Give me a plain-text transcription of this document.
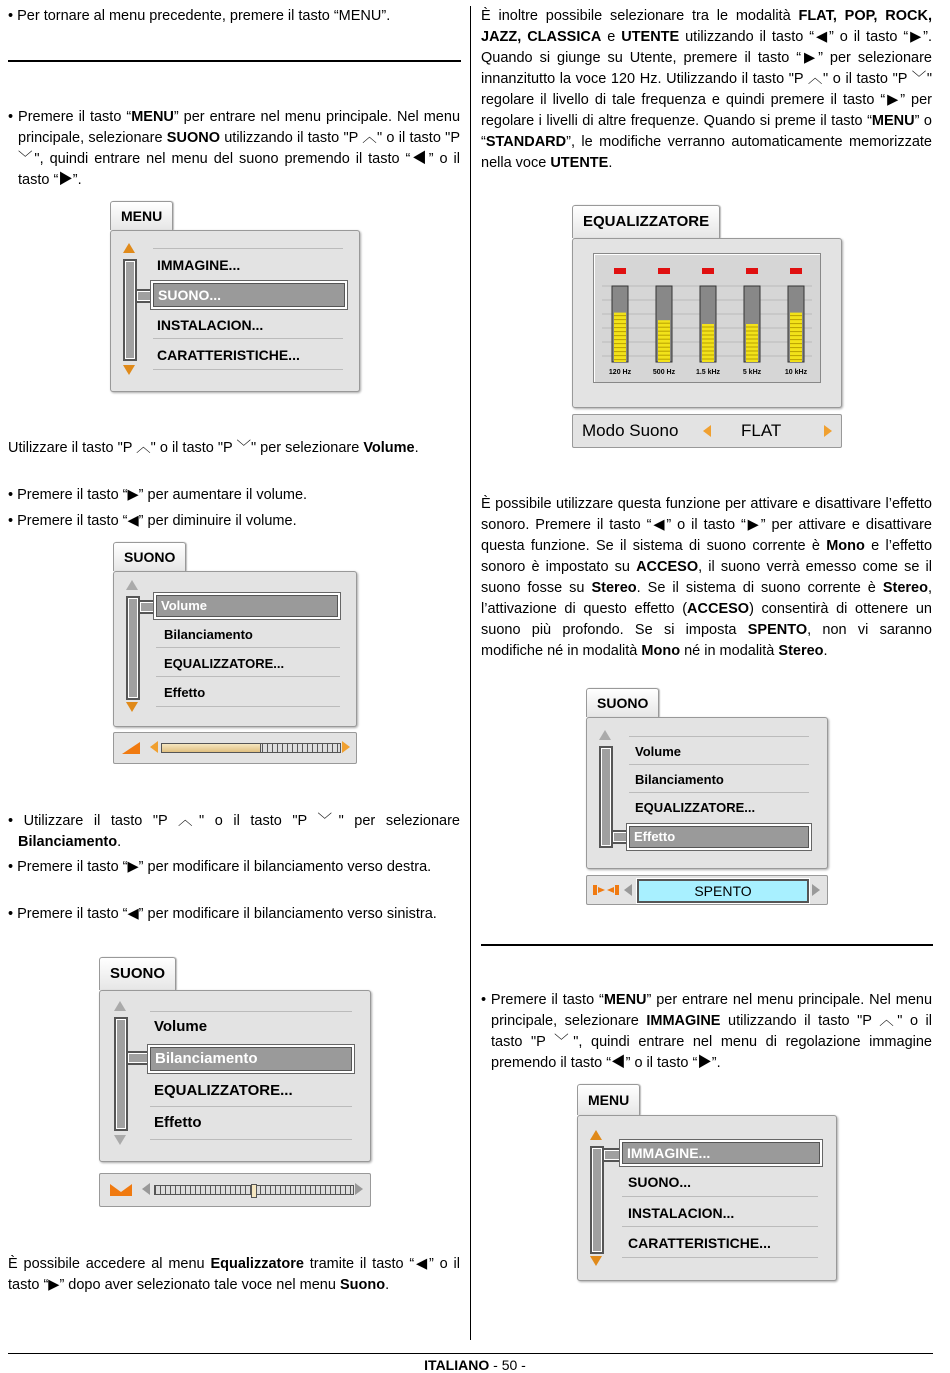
• Per tornare al menu precedente, premere il tasto “MENU”.

• Premere il tasto “MENU” per entrare nel menu principale. Nel menu principale, selezionare SUONO utilizzando il tasto "P ︿" o il tasto "P ﹀", quindi entrare nel menu del suono premendo il tasto “◀” o il tasto “▶”.

MENU
IMMAGINE...
SUONO...
INSTALACION...
CARATTERISTICHE...

Utilizzare il tasto "P ︿" o il tasto "P ﹀" per selezionare Volume.

• Premere il tasto “▶” per aumentare il volume.

• Premere il tasto “◀” per diminuire il volume.

SUONO
Volume
Bilanciamento
EQUALIZZATORE...
Effetto

• Utilizzare il tasto "P ︿" o il tasto "P ﹀" per selezionare Bilanciamento.

• Premere il tasto “▶” per modificare il bilanciamento verso destra.

• Premere il tasto “◀” per modificare il bilanciamento verso sinistra.

SUONO
Volume
Bilanciamento
EQUALIZZATORE...
Effetto

È possibile accedere al menu Equalizzatore tramite il tasto “◀” o il tasto “▶” dopo aver selezionato tale voce nel menu Suono.

È inoltre possibile selezionare tra le modalità FLAT, POP, ROCK, JAZZ, CLASSICA e UTENTE utilizzando il tasto “◀” o il tasto “▶”. Quando si giunge su Utente, premere il tasto “▶” per selezionare innanzitutto la voce 120 Hz. Utilizzando il tasto "P ︿" o il tasto "P ﹀" regolare il livello di tale frequenza e quindi premere il tasto “▶” per regolare i livelli di altre frequenze. Quando si preme il tasto “MENU” o “STANDARD”, le modifiche verranno automaticamente memorizzate nella voce UTENTE.

EQUALIZZATORE
120 Hz	500 Hz	1.5 kHz	5 kHz	10 kHz
Modo Suono	FLAT

È possibile utilizzare questa funzione per attivare e disattivare l’effetto sonoro. Premere il tasto “◀” o il tasto “▶” per attivare e disattivare questa funzione. Se il sistema di suono corrente è Mono e l’effetto sonoro è impostato su ACCESO, il suono verrà emesso come se il suono fosse su Stereo. Se il sistema di suono corrente è Stereo, l’attivazione di questo effetto (ACCESO) consentirà di ottenere un suono più profondo. Se si imposta SPENTO, non vi saranno modifiche né in modalità Mono né in modalità Stereo.

SUONO
Volume
Bilanciamento
EQUALIZZATORE...
Effetto
SPENTO

• Premere il tasto “MENU” per entrare nel menu principale. Nel menu principale, selezionare IMMAGINE utilizzando il tasto "P ︿" o il tasto "P ﹀", quindi entrare nel menu di regolazione immagine premendo il tasto “◀” o il tasto “▶”.

MENU
IMMAGINE...
SUONO...
INSTALACION...
CARATTERISTICHE...
ITALIANO - 50 -
